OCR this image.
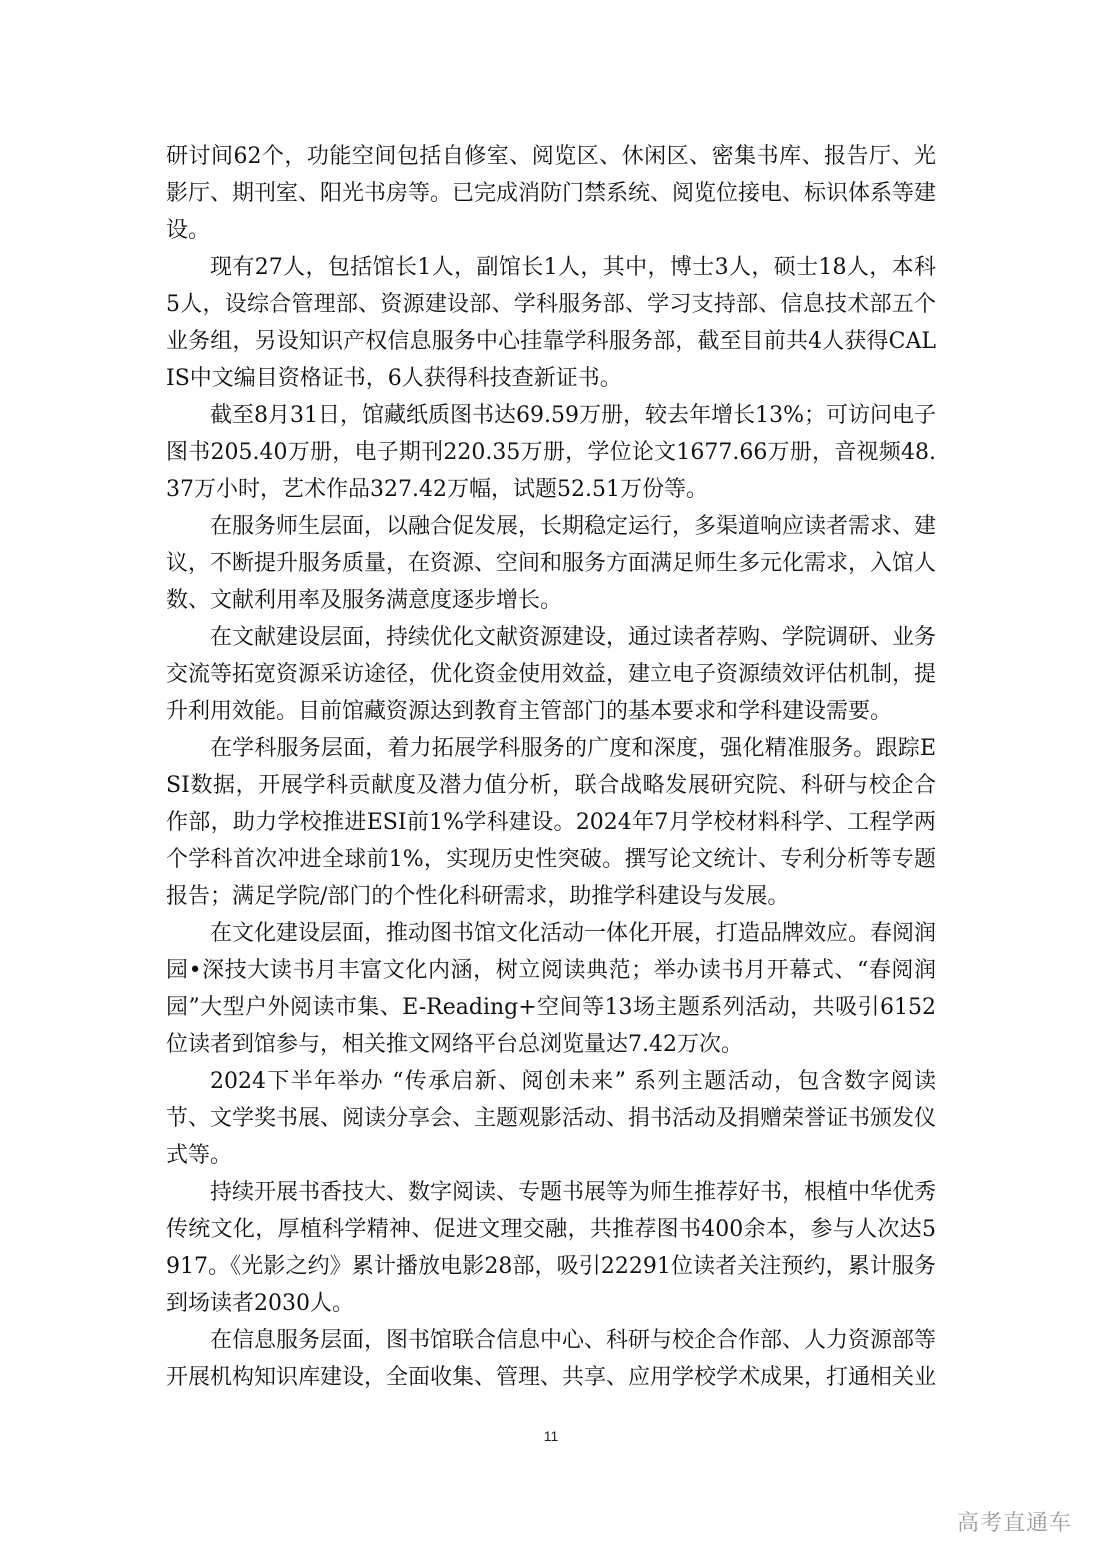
研讨间62个，功能空间包括自修室、阅览区、休闲区、密集书库、报告厅、光影厅、期刊室、阳光书房等。已完成消防门禁系统、阅览位接电、标识体系等建设。

现有27人，包括馆长1人，副馆长1人，其中，博士3人，硕士18人，本科5人，设综合管理部、资源建设部、学科服务部、学习支持部、信息技术部五个业务组，另设知识产权信息服务中心挂靠学科服务部，截至目前共4人获得CALIS中文编目资格证书，6人获得科技查新证书。

截至8月31日，馆藏纸质图书达69.59万册，较去年增长13%；可访问电子图书205.40万册，电子期刊220.35万册，学位论文1677.66万册，音视频48.37万小时，艺术作品327.42万幅，试题52.51万份等。

在服务师生层面，以融合促发展，长期稳定运行，多渠道响应读者需求、建议，不断提升服务质量，在资源、空间和服务方面满足师生多元化需求，入馆人数、文献利用率及服务满意度逐步增长。

在文献建设层面，持续优化文献资源建设，通过读者荐购、学院调研、业务交流等拓宽资源采访途径，优化资金使用效益，建立电子资源绩效评估机制，提升利用效能。目前馆藏资源达到教育主管部门的基本要求和学科建设需要。

在学科服务层面，着力拓展学科服务的广度和深度，强化精准服务。跟踪ESI数据，开展学科贡献度及潜力值分析，联合战略发展研究院、科研与校企合作部，助力学校推进ESI前1%学科建设。2024年7月学校材料科学、工程学两个学科首次冲进全球前1%，实现历史性突破。撰写论文统计、专利分析等专题报告；满足学院/部门的个性化科研需求，助推学科建设与发展。

在文化建设层面，推动图书馆文化活动一体化开展，打造品牌效应。春阅润园•深技大读书月丰富文化内涵，树立阅读典范；举办读书月开幕式、“春阅润园”大型户外阅读市集、E-Reading+空间等13场主题系列活动，共吸引6152位读者到馆参与，相关推文网络平台总浏览量达7.42万次。

2024下半年举办 “传承启新、阅创未来” 系列主题活动，包含数字阅读节、文学奖书展、阅读分享会、主题观影活动、捐书活动及捐赠荣誉证书颁发仪式等。

持续开展书香技大、数字阅读、专题书展等为师生推荐好书，根植中华优秀传统文化，厚植科学精神、促进文理交融，共推荐图书400余本，参与人次达5917。《光影之约》累计播放电影28部，吸引22291位读者关注预约，累计服务到场读者2030人。

在信息服务层面，图书馆联合信息中心、科研与校企合作部、人力资源部等开展机构知识库建设，全面收集、管理、共享、应用学校学术成果，打通相关业

11
高考直通车
